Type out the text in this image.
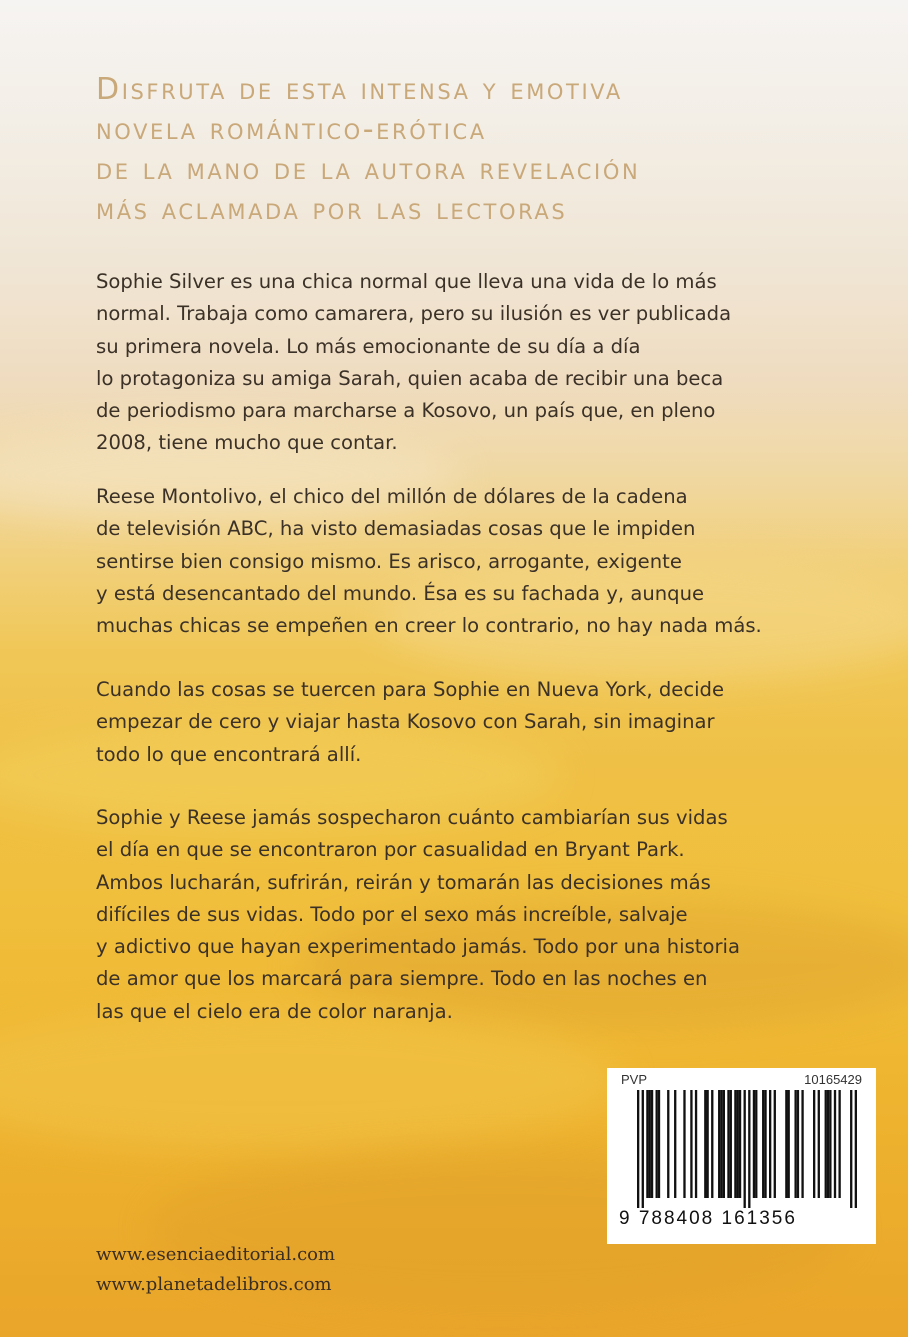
Disfruta de esta intensa y emotiva
novela romántico-erótica
de la mano de la autora revelación
más aclamada por las lectoras
Sophie Silver es una chica normal que lleva una vida de lo más
normal. Trabaja como camarera, pero su ilusión es ver publicada
su primera novela. Lo más emocionante de su día a día
lo protagoniza su amiga Sarah, quien acaba de recibir una beca
de periodismo para marcharse a Kosovo, un país que, en pleno
2008, tiene mucho que contar.
Reese Montolivo, el chico del millón de dólares de la cadena
de televisión ABC, ha visto demasiadas cosas que le impiden
sentirse bien consigo mismo. Es arisco, arrogante, exigente
y está desencantado del mundo. Ésa es su fachada y, aunque
muchas chicas se empeñen en creer lo contrario, no hay nada más.
Cuando las cosas se tuercen para Sophie en Nueva York, decide
empezar de cero y viajar hasta Kosovo con Sarah, sin imaginar
todo lo que encontrará allí.
Sophie y Reese jamás sospecharon cuánto cambiarían sus vidas
el día en que se encontraron por casualidad en Bryant Park.
Ambos lucharán, sufrirán, reirán y tomarán las decisiones más
difíciles de sus vidas. Todo por el sexo más increíble, salvaje
y adictivo que hayan experimentado jamás. Todo por una historia
de amor que los marcará para siempre. Todo en las noches en
las que el cielo era de color naranja.
www.esenciaeditorial.com
www.planetadelibros.com
PVP	10165429
9 788408 161356
